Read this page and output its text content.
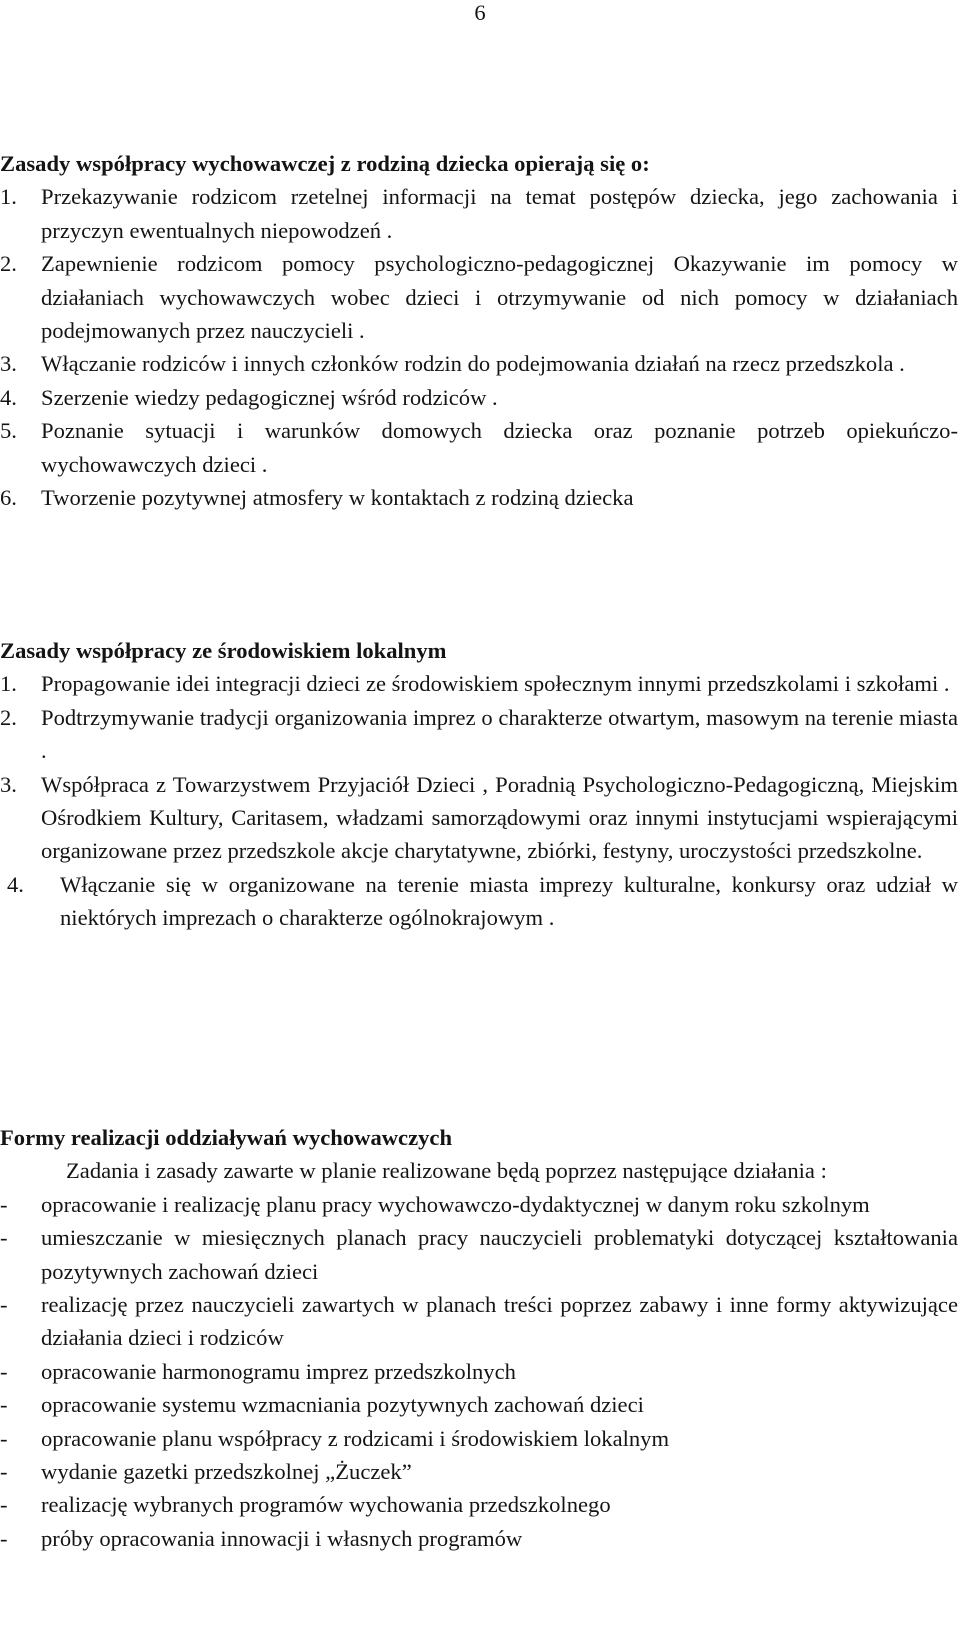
6
Zasady współpracy wychowawczej z rodziną dziecka opierają się o:
1. Przekazywanie rodzicom rzetelnej informacji na temat postępów dziecka, jego zachowania i przyczyn ewentualnych niepowodzeń .
2. Zapewnienie rodzicom pomocy psychologiczno-pedagogicznej Okazywanie im pomocy w działaniach wychowawczych wobec dzieci i otrzymywanie od nich pomocy w działaniach podejmowanych przez nauczycieli .
3. Włączanie rodziców i innych członków rodzin do podejmowania działań na rzecz przedszkola .
4. Szerzenie wiedzy pedagogicznej wśród rodziców .
5. Poznanie sytuacji i warunków domowych dziecka oraz poznanie potrzeb opiekuńczo-wychowawczych dzieci .
6. Tworzenie pozytywnej atmosfery w kontaktach z rodziną dziecka
Zasady współpracy ze środowiskiem lokalnym
1. Propagowanie idei integracji dzieci ze środowiskiem społecznym innymi przedszkolami i szkołami .
2. Podtrzymywanie tradycji organizowania imprez o charakterze otwartym, masowym na terenie miasta .
3. Współpraca z Towarzystwem Przyjaciół Dzieci , Poradnią Psychologiczno-Pedagogiczną, Miejskim Ośrodkiem Kultury, Caritasem, władzami samorządowymi oraz innymi instytucjami wspierającymi organizowane przez przedszkole akcje charytatywne, zbiórki, festyny, uroczystości przedszkolne.
4. Włączanie się w organizowane na terenie miasta imprezy kulturalne, konkursy oraz udział w niektórych imprezach o charakterze ogólnokrajowym .
Formy realizacji oddziaływań wychowawczych

Zadania i zasady zawarte w planie realizowane będą poprzez następujące działania :

- opracowanie i realizację planu pracy wychowawczo-dydaktycznej w danym roku szkolnym
- umieszczanie w miesięcznych planach pracy nauczycieli problematyki dotyczącej kształtowania pozytywnych zachowań dzieci
- realizację przez nauczycieli zawartych w planach treści poprzez zabawy i inne formy aktywizujące działania dzieci i rodziców
- opracowanie harmonogramu imprez przedszkolnych
- opracowanie systemu wzmacniania pozytywnych zachowań dzieci
- opracowanie planu współpracy z rodzicami i środowiskiem lokalnym
- wydanie gazetki przedszkolnej „Żuczek”
- realizację wybranych programów wychowania przedszkolnego
- próby opracowania innowacji i własnych programów
